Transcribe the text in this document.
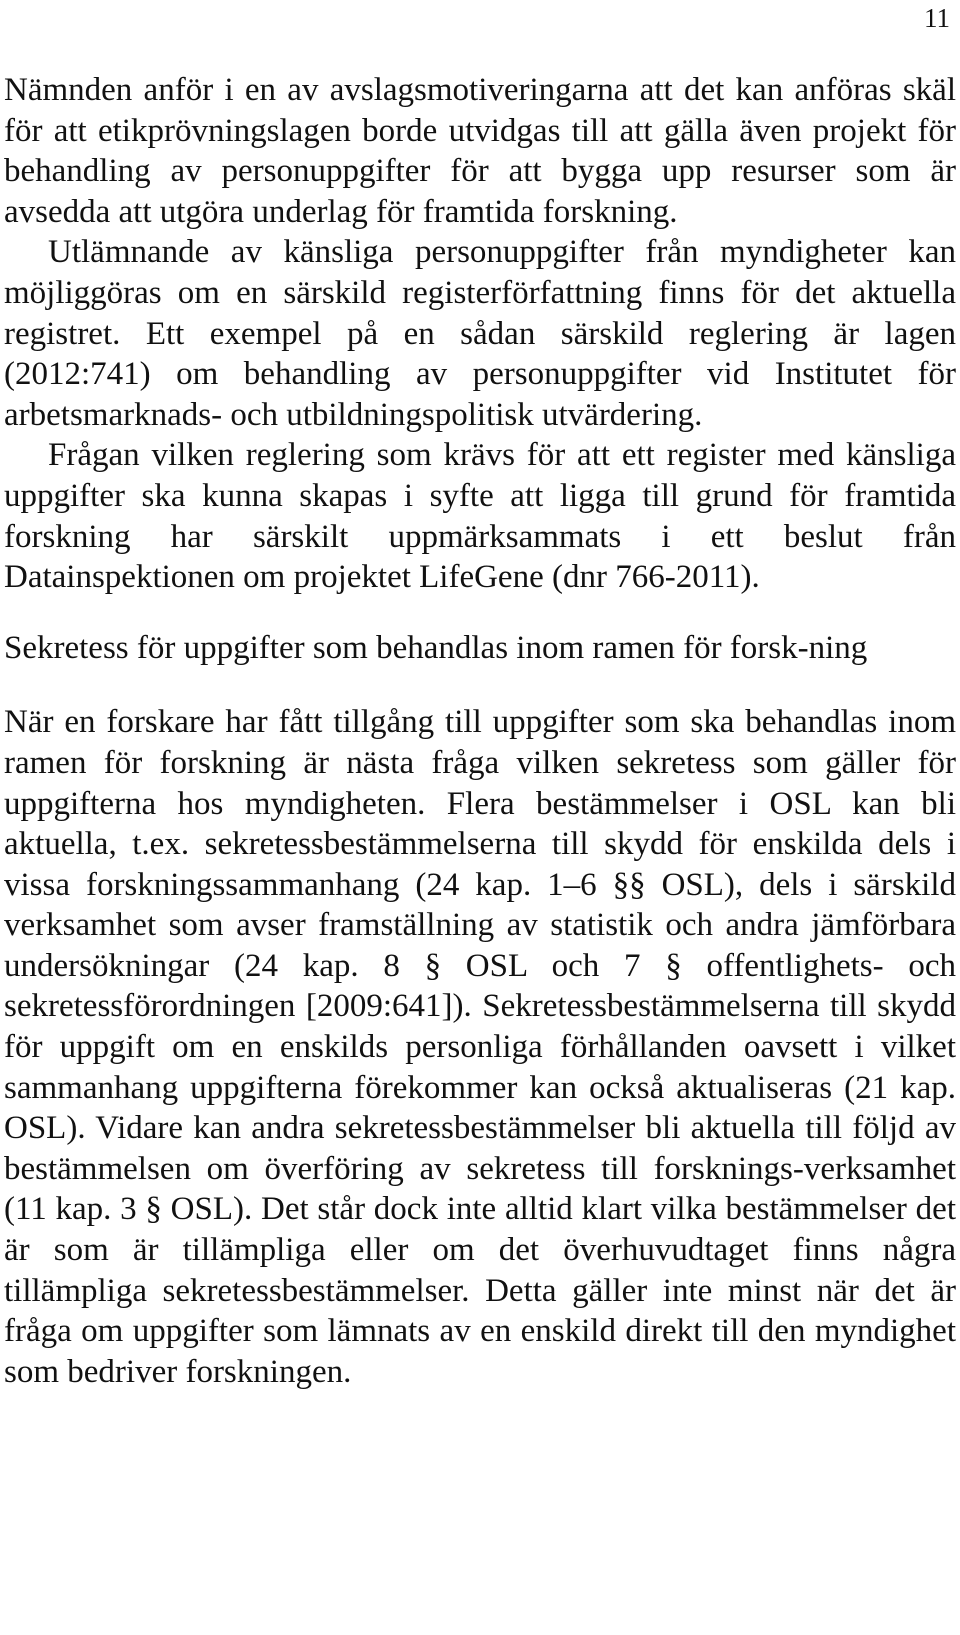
11

Nämnden anför i en av avslagsmotiveringarna att det kan anföras skäl för att etikprövningslagen borde utvidgas till att gälla även projekt för behandling av personuppgifter för att bygga upp resurser som är avsedda att utgöra underlag för framtida forskning.

Utlämnande av känsliga personuppgifter från myndigheter kan möjliggöras om en särskild registerförfattning finns för det aktuella registret. Ett exempel på en sådan särskild reglering är lagen (2012:741) om behandling av personuppgifter vid Institutet för arbetsmarknads- och utbildningspolitisk utvärdering.

Frågan vilken reglering som krävs för att ett register med känsliga uppgifter ska kunna skapas i syfte att ligga till grund för framtida forskning har särskilt uppmärksammats i ett beslut från Datainspektionen om projektet LifeGene (dnr 766-2011).

Sekretess för uppgifter som behandlas inom ramen för forsk-ning

När en forskare har fått tillgång till uppgifter som ska behandlas inom ramen för forskning är nästa fråga vilken sekretess som gäller för uppgifterna hos myndigheten. Flera bestämmelser i OSL kan bli aktuella, t.ex. sekretessbestämmelserna till skydd för enskilda dels i vissa forskningssammanhang (24 kap. 1–6 §§ OSL), dels i särskild verksamhet som avser framställning av statistik och andra jämförbara undersökningar (24 kap. 8 § OSL och 7 § offentlighets- och sekretessförordningen [2009:641]). Sekretessbestämmelserna till skydd för uppgift om en enskilds personliga förhållanden oavsett i vilket sammanhang uppgifterna förekommer kan också aktualiseras (21 kap. OSL). Vidare kan andra sekretessbestämmelser bli aktuella till följd av bestämmelsen om överföring av sekretess till forsknings-verksamhet (11 kap. 3 § OSL). Det står dock inte alltid klart vilka bestämmelser det är som är tillämpliga eller om det överhuvudtaget finns några tillämpliga sekretessbestämmelser. Detta gäller inte minst när det är fråga om uppgifter som lämnats av en enskild direkt till den myndighet som bedriver forskningen.
